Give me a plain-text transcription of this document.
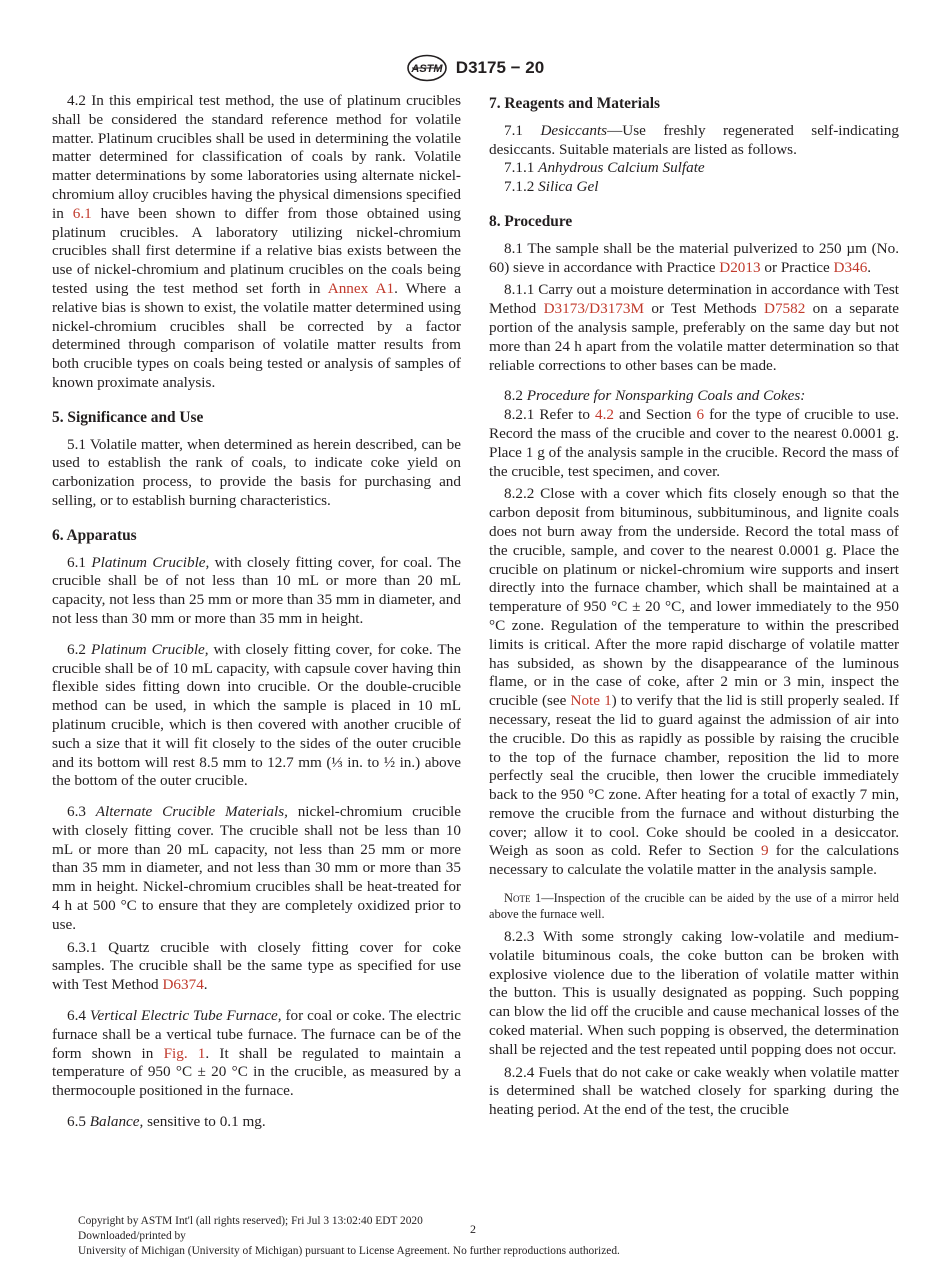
ASTM D3175 − 20

4.2 In this empirical test method, the use of platinum crucibles shall be considered the standard reference method for volatile matter. Platinum crucibles shall be used in determining the volatile matter determined for classification of coals by rank. Volatile matter determinations by some laboratories using alternate nickel-chromium alloy crucibles having the physical dimensions specified in 6.1 have been shown to differ from those obtained using platinum crucibles. A laboratory utilizing nickel-chromium crucibles shall first determine if a relative bias exists between the use of nickel-chromium and platinum crucibles on the coals being tested using the test method set forth in Annex A1. Where a relative bias is shown to exist, the volatile matter determined using nickel-chromium crucibles shall be corrected by a factor determined through comparison of volatile matter results from both crucible types on coals being tested or analysis of samples of known proximate analysis.

5. Significance and Use

5.1 Volatile matter, when determined as herein described, can be used to establish the rank of coals, to indicate coke yield on carbonization process, to provide the basis for purchasing and selling, or to establish burning characteristics.

6. Apparatus

6.1 Platinum Crucible, with closely fitting cover, for coal. The crucible shall be of not less than 10 mL or more than 20 mL capacity, not less than 25 mm or more than 35 mm in diameter, and not less than 30 mm or more than 35 mm in height.

6.2 Platinum Crucible, with closely fitting cover, for coke. The crucible shall be of 10 mL capacity, with capsule cover having thin flexible sides fitting down into crucible. Or the double-crucible method can be used, in which the sample is placed in 10 mL platinum crucible, which is then covered with another crucible of such a size that it will fit closely to the sides of the outer crucible and its bottom will rest 8.5 mm to 12.7 mm (⅓ in. to ½ in.) above the bottom of the outer crucible.

6.3 Alternate Crucible Materials, nickel-chromium crucible with closely fitting cover. The crucible shall not be less than 10 mL or more than 20 mL capacity, not less than 25 mm or more than 35 mm in diameter, and not less than 30 mm or more than 35 mm in height. Nickel-chromium crucibles shall be heat-treated for 4 h at 500 °C to ensure that they are completely oxidized prior to use.

6.3.1 Quartz crucible with closely fitting cover for coke samples. The crucible shall be the same type as specified for use with Test Method D6374.

6.4 Vertical Electric Tube Furnace, for coal or coke. The electric furnace shall be a vertical tube furnace. The furnace can be of the form shown in Fig. 1. It shall be regulated to maintain a temperature of 950 °C ± 20 °C in the crucible, as measured by a thermocouple positioned in the furnace.

6.5 Balance, sensitive to 0.1 mg.

7. Reagents and Materials

7.1 Desiccants—Use freshly regenerated self-indicating desiccants. Suitable materials are listed as follows.

7.1.1 Anhydrous Calcium Sulfate

7.1.2 Silica Gel

8. Procedure

8.1 The sample shall be the material pulverized to 250 µm (No. 60) sieve in accordance with Practice D2013 or Practice D346.

8.1.1 Carry out a moisture determination in accordance with Test Method D3173/D3173M or Test Methods D7582 on a separate portion of the analysis sample, preferably on the same day but not more than 24 h apart from the volatile matter determination so that reliable corrections to other bases can be made.

8.2 Procedure for Nonsparking Coals and Cokes:

8.2.1 Refer to 4.2 and Section 6 for the type of crucible to use. Record the mass of the crucible and cover to the nearest 0.0001 g. Place 1 g of the analysis sample in the crucible. Record the mass of the crucible, test specimen, and cover.

8.2.2 Close with a cover which fits closely enough so that the carbon deposit from bituminous, subbituminous, and lignite coals does not burn away from the underside. Record the total mass of the crucible, sample, and cover to the nearest 0.0001 g. Place the crucible on platinum or nickel-chromium wire supports and insert directly into the furnace chamber, which shall be maintained at a temperature of 950 °C ± 20 °C, and lower immediately to the 950 °C zone. Regulation of the temperature to within the prescribed limits is critical. After the more rapid discharge of volatile matter has subsided, as shown by the disappearance of the luminous flame, or in the case of coke, after 2 min or 3 min, inspect the crucible (see Note 1) to verify that the lid is still properly sealed. If necessary, reseat the lid to guard against the admission of air into the crucible. Do this as rapidly as possible by raising the crucible to the top of the furnace chamber, reposition the lid to more perfectly seal the crucible, then lower the crucible immediately back to the 950 °C zone. After heating for a total of exactly 7 min, remove the crucible from the furnace and without disturbing the cover; allow it to cool. Coke should be cooled in a desiccator. Weigh as soon as cold. Refer to Section 9 for the calculations necessary to calculate the volatile matter in the analysis sample.

Note 1—Inspection of the crucible can be aided by the use of a mirror held above the furnace well.

8.2.3 With some strongly caking low-volatile and medium-volatile bituminous coals, the coke button can be broken with explosive violence due to the liberation of volatile matter within the button. This is usually designated as popping. Such popping can blow the lid off the crucible and cause mechanical losses of the coked material. When such popping is observed, the determination shall be rejected and the test repeated until popping does not occur.

8.2.4 Fuels that do not cake or cake weakly when volatile matter is determined shall be watched closely for sparking during the heating period. At the end of the test, the crucible

2
Copyright by ASTM Int'l (all rights reserved); Fri Jul 3 13:02:40 EDT 2020
Downloaded/printed by
University of Michigan (University of Michigan) pursuant to License Agreement. No further reproductions authorized.
